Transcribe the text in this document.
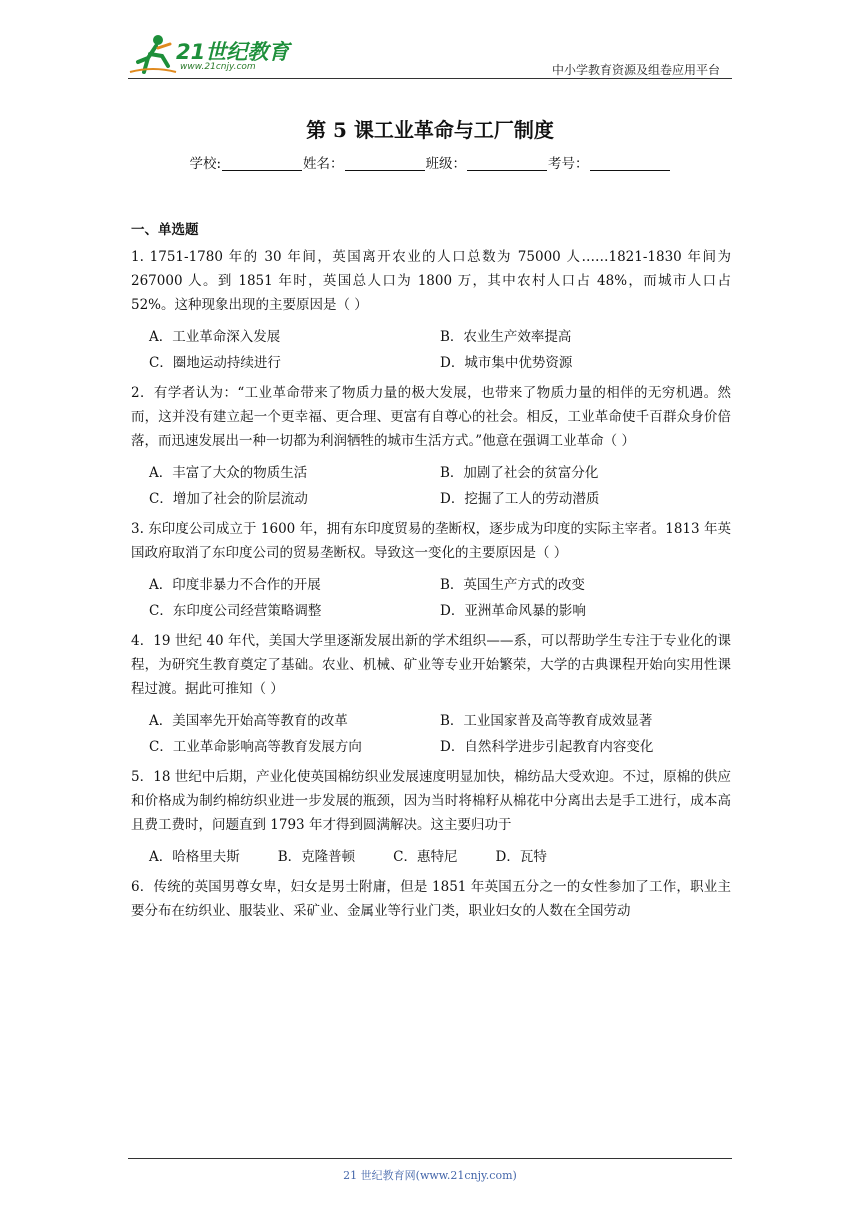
21世纪教育
www.21cnjy.com	中小学教育资源及组卷应用平台
第 5 课工业革命与工厂制度
学校:	姓名：	班级：	考号：
一、单选题

1. 1751-1780 年的 30 年间，英国离开农业的人口总数为 75000 人……1821-1830 年间为 267000 人。到 1851 年时，英国总人口为 1800 万，其中农村人口占 48%，而城市人口占 52%。这种现象出现的主要原因是（ ）

A．工业革命深入发展	B．农业生产效率提高
C．圈地运动持续进行	D．城市集中优势资源

2．有学者认为：“工业革命带来了物质力量的极大发展，也带来了物质力量的相伴的无穷机遇。然而，这并没有建立起一个更幸福、更合理、更富有自尊心的社会。相反，工业革命使千百群众身价倍落，而迅速发展出一种一切都为利润牺牲的城市生活方式。”他意在强调工业革命（ ）

A．丰富了大众的物质生活	B．加剧了社会的贫富分化
C．增加了社会的阶层流动	D．挖掘了工人的劳动潜质

3. 东印度公司成立于 1600 年，拥有东印度贸易的垄断权，逐步成为印度的实际主宰者。1813 年英国政府取消了东印度公司的贸易垄断权。导致这一变化的主要原因是（ ）

A．印度非暴力不合作的开展	B．英国生产方式的改变
C．东印度公司经营策略调整	D．亚洲革命风暴的影响

4．19 世纪 40 年代，美国大学里逐渐发展出新的学术组织——系，可以帮助学生专注于专业化的课程，为研究生教育奠定了基础。农业、机械、矿业等专业开始繁荣，大学的古典课程开始向实用性课程过渡。据此可推知（ ）

A．美国率先开始高等教育的改革	B．工业国家普及高等教育成效显著
C．工业革命影响高等教育发展方向	D．自然科学进步引起教育内容变化

5．18 世纪中后期，产业化使英国棉纺织业发展速度明显加快，棉纺品大受欢迎。不过，原棉的供应和价格成为制约棉纺织业进一步发展的瓶颈，因为当时将棉籽从棉花中分离出去是手工进行，成本高且费工费时，问题直到 1793 年才得到圆满解决。这主要归功于

A．哈格里夫斯	B．克隆普顿	C．惠特尼	D．瓦特

6．传统的英国男尊女卑，妇女是男士附庸，但是 1851 年英国五分之一的女性参加了工作，职业主要分布在纺织业、服装业、采矿业、金属业等行业门类，职业妇女的人数在全国劳动

21 世纪教育网(www.21cnjy.com)
